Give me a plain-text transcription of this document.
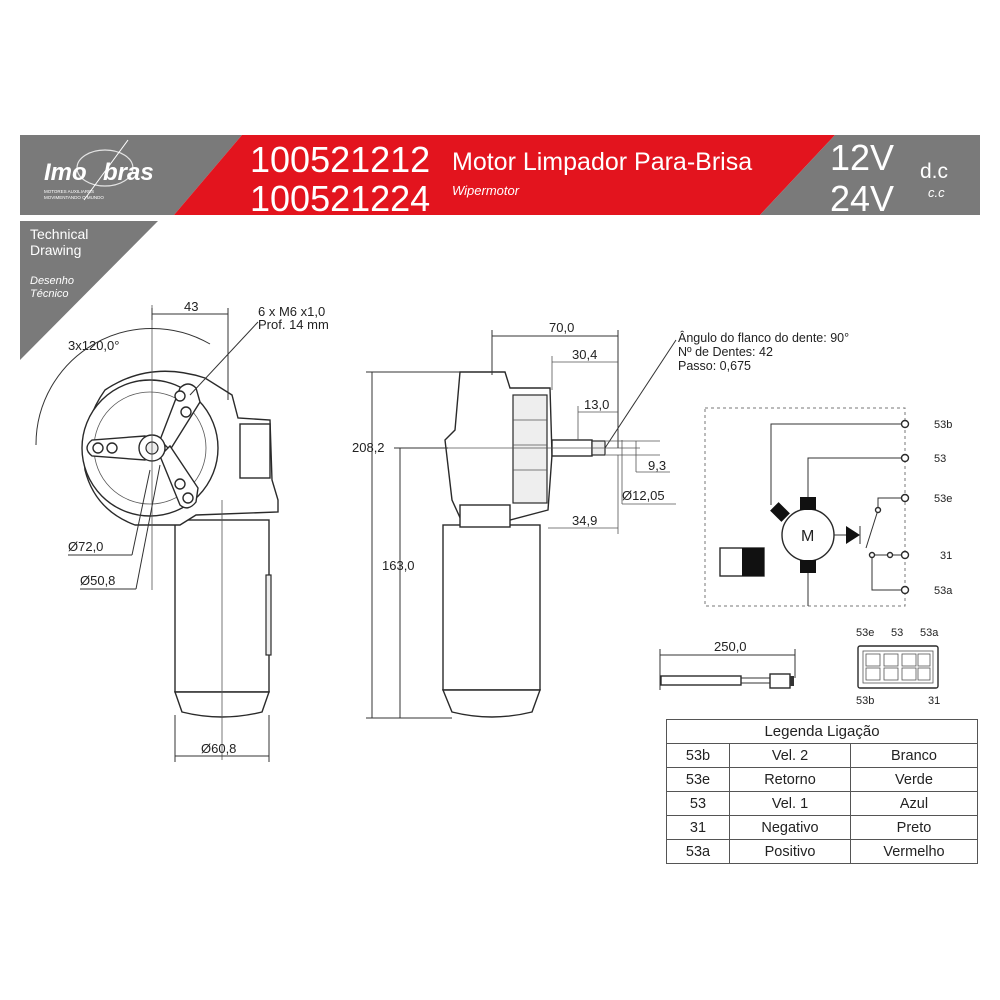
Imo bras
MOTORES AUXILIARES
MOVIMENTANDO O MUNDO
100521212
100521224
Motor Limpador Para-Brisa
Wipermotor
12V
24V
d.c
c.c
Technical
Drawing
Desenho
Técnico
43	6 x M6 x1,0
Prof. 14 mm
3x120,0°
Ø72,0
Ø50,8
Ø60,8
70,0
30,4
13,0
9,3
Ø12,05
34,9
208,2
163,0
Ângulo do flanco do dente: 90°
Nº de Dentes: 42
Passo: 0,675
M
53b
53
53e
31
53a
250,0
53e 53 53a
53b	31
Legenda Ligação		
53b	Vel. 2	Branco
53e	Retorno	Verde
53	Vel. 1	Azul
31	Negativo	Preto
53a	Positivo	Vermelho
